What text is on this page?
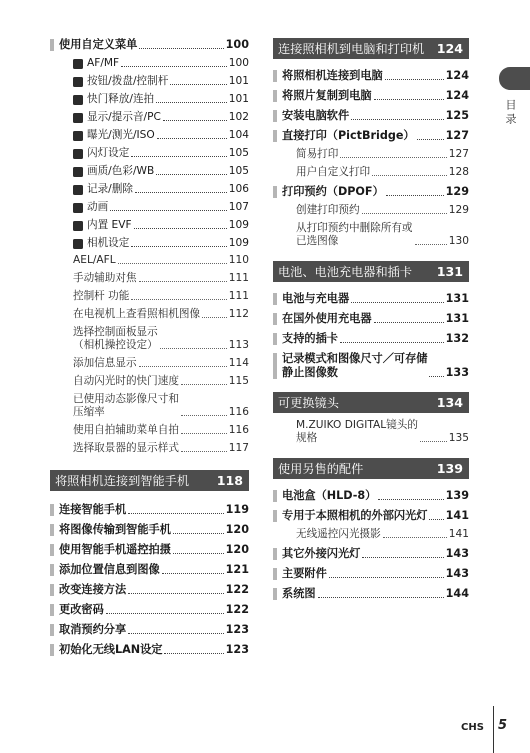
使用自定义菜单	100
AF/MF	100
按钮/拨盘/控制杆	101
快门释放/连拍	101
显示/提示音/PC	102
曝光/测光/ISO	104
闪灯设定	105
画质/色彩/WB	105
记录/删除	106
动画	107
内置 EVF	109
相机设定	109
AEL/AFL	110
手动辅助对焦	111
控制杆 功能	111
在电视机上查看照相机图像	112
选择控制面板显示
（相机操控设定）	113
添加信息显示	114
自动闪光时的快门速度	115
已使用动态影像尺寸和
压缩率	116
使用自拍辅助菜单自拍	116
选择取景器的显示样式	117
将照相机连接到智能手机 118
连接智能手机	119
将图像传输到智能手机	120
使用智能手机遥控拍摄	120
添加位置信息到图像	121
改变连接方法	122
更改密码	122
取消预约分享	123
初始化无线LAN设定	123
连接照相机到电脑和打印机 124
将照相机连接到电脑	124
将照片复制到电脑	124
安装电脑软件	125
直接打印（PictBridge）	127
简易打印	127
用户自定义打印	128
打印预约（DPOF）	129
创建打印预约	129
从打印预约中删除所有或
已选图像	130
电池、电池充电器和插卡 131
电池与充电器	131
在国外使用充电器	131
支持的插卡	132
记录模式和图像尺寸／可存储
静止图像数	133
可更换镜头	134
M.ZUIKO DIGITAL镜头的
规格	135
使用另售的配件	139
电池盒（HLD-8）	139
专用于本照相机的外部闪光灯 141
无线遥控闪光摄影	141
其它外接闪光灯	143
主要附件	143
系统图	144
目录
CHS 5
